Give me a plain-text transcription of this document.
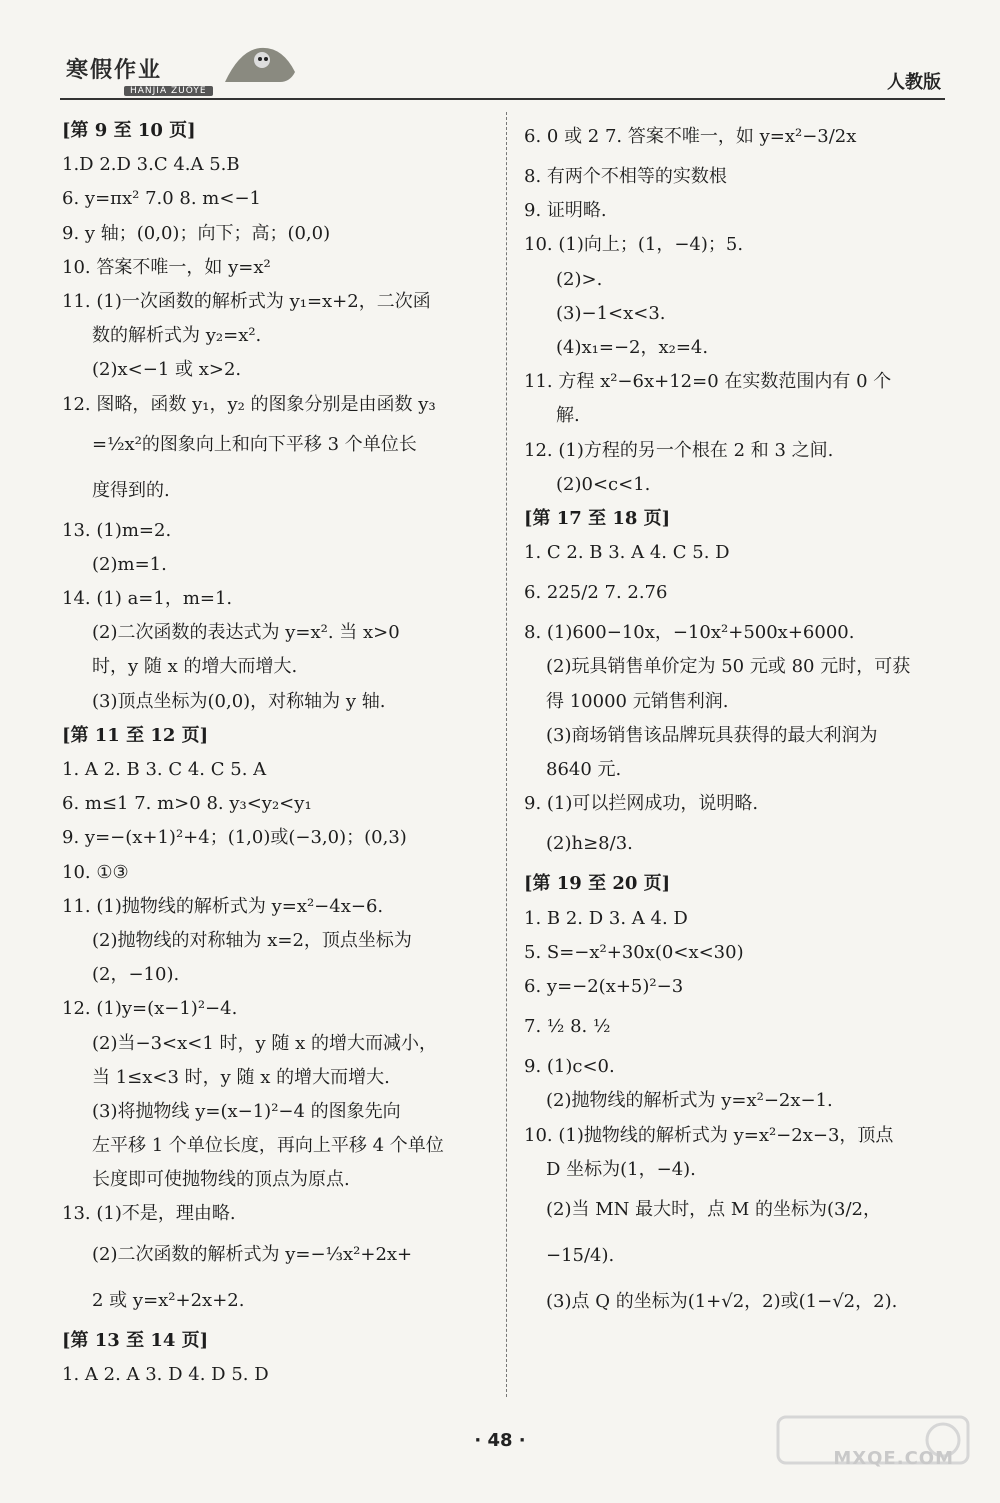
寒假作业
HANJIA ZUOYE	人教版
[第 9 至 10 页]
1.D 2.D 3.C 4.A 5.B
6. y=πx² 7.0 8. m<−1
9. y 轴；(0,0)；向下；高；(0,0)
10. 答案不唯一，如 y=x²
11. (1)一次函数的解析式为 y₁=x+2，二次函
数的解析式为 y₂=x².
(2)x<−1 或 x>2.
12. 图略，函数 y₁，y₂ 的图象分别是由函数 y₃
=½x²的图象向上和向下平移 3 个单位长
度得到的.
13. (1)m=2.
(2)m=1.
14. (1) a=1，m=1.
(2)二次函数的表达式为 y=x². 当 x>0
时，y 随 x 的增大而增大.
(3)顶点坐标为(0,0)，对称轴为 y 轴.
[第 11 至 12 页]
1. A 2. B 3. C 4. C 5. A
6. m≤1 7. m>0 8. y₃<y₂<y₁
9. y=−(x+1)²+4；(1,0)或(−3,0)；(0,3)
10. ①③
11. (1)抛物线的解析式为 y=x²−4x−6.
(2)抛物线的对称轴为 x=2，顶点坐标为
(2，−10).
12. (1)y=(x−1)²−4.
(2)当−3<x<1 时，y 随 x 的增大而减小，
当 1≤x<3 时，y 随 x 的增大而增大.
(3)将抛物线 y=(x−1)²−4 的图象先向
左平移 1 个单位长度，再向上平移 4 个单位
长度即可使抛物线的顶点为原点.
13. (1)不是，理由略.
(2)二次函数的解析式为 y=−⅓x²+2x+
2 或 y=x²+2x+2.
[第 13 至 14 页]
1. A 2. A 3. D 4. D 5. D
6. 0 或 2 7. 答案不唯一，如 y=x²−3/2x
8. 有两个不相等的实数根
9. 证明略.
10. (1)向上；(1，−4)；5.
(2)>.
(3)−1<x<3.
(4)x₁=−2，x₂=4.
11. 方程 x²−6x+12=0 在实数范围内有 0 个
解.
12. (1)方程的另一个根在 2 和 3 之间.
(2)0<c<1.
[第 17 至 18 页]
1. C 2. B 3. A 4. C 5. D
6. 225/2 7. 2.76
8. (1)600−10x，−10x²+500x+6000.
(2)玩具销售单价定为 50 元或 80 元时，可获
得 10000 元销售利润.
(3)商场销售该品牌玩具获得的最大利润为
8640 元.
9. (1)可以拦网成功，说明略.
(2)h≥8/3.
[第 19 至 20 页]
1. B 2. D 3. A 4. D
5. S=−x²+30x(0<x<30)
6. y=−2(x+5)²−3
7. ½ 8. ½
9. (1)c<0.
(2)抛物线的解析式为 y=x²−2x−1.
10. (1)抛物线的解析式为 y=x²−2x−3，顶点
D 坐标为(1，−4).
(2)当 MN 最大时，点 M 的坐标为(3/2，
−15/4).
(3)点 Q 的坐标为(1+√2，2)或(1−√2，2).
· 48 ·
MXQE.COM
